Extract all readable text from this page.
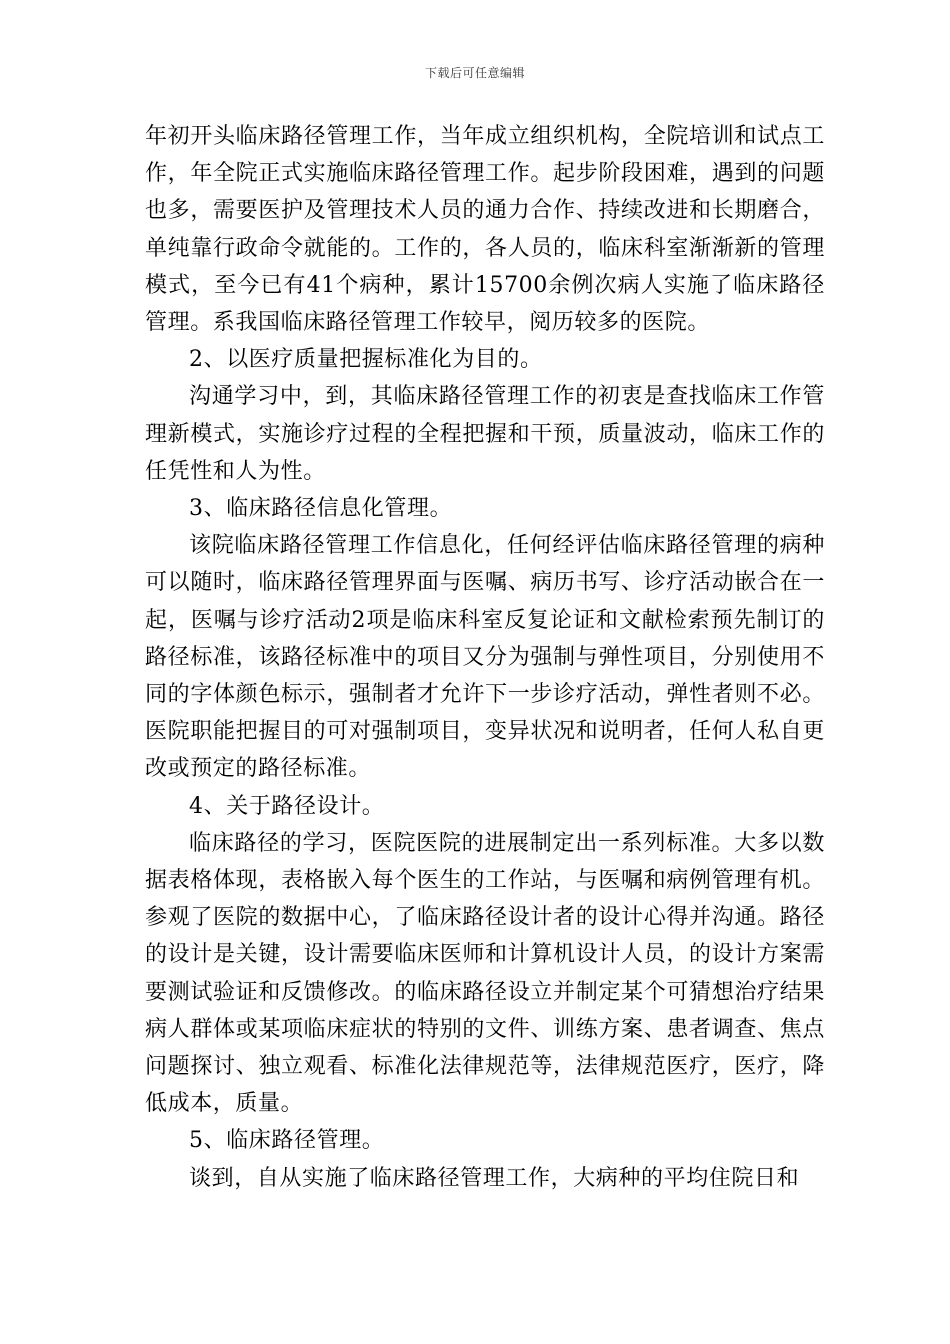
下载后可任意编辑

年初开头临床路径管理工作，当年成立组织机构，全院培训和试点工作，年全院正式实施临床路径管理工作。起步阶段困难，遇到的问题也多，需要医护及管理技术人员的通力合作、持续改进和长期磨合，单纯靠行政命令就能的。工作的，各人员的，临床科室渐渐新的管理模式，至今已有41个病种，累计15700余例次病人实施了临床路径管理。系我国临床路径管理工作较早，阅历较多的医院。

2、以医疗质量把握标准化为目的。

沟通学习中，到，其临床路径管理工作的初衷是查找临床工作管理新模式，实施诊疗过程的全程把握和干预，质量波动，临床工作的任凭性和人为性。

3、临床路径信息化管理。

该院临床路径管理工作信息化，任何经评估临床路径管理的病种可以随时，临床路径管理界面与医嘱、病历书写、诊疗活动嵌合在一起，医嘱与诊疗活动2项是临床科室反复论证和文献检索预先制订的路径标准，该路径标准中的项目又分为强制与弹性项目，分别使用不同的字体颜色标示，强制者才允许下一步诊疗活动，弹性者则不必。医院职能把握目的可对强制项目，变异状况和说明者，任何人私自更改或预定的路径标准。

4、关于路径设计。

临床路径的学习，医院医院的进展制定出一系列标准。大多以数据表格体现，表格嵌入每个医生的工作站，与医嘱和病例管理有机。参观了医院的数据中心，了临床路径设计者的设计心得并沟通。路径的设计是关键，设计需要临床医师和计算机设计人员，的设计方案需要测试验证和反馈修改。的临床路径设立并制定某个可猜想治疗结果病人群体或某项临床症状的特别的文件、训练方案、患者调查、焦点问题探讨、独立观看、标准化法律规范等，法律规范医疗，医疗，降低成本，质量。

5、临床路径管理。

谈到，自从实施了临床路径管理工作，大病种的平均住院日和
